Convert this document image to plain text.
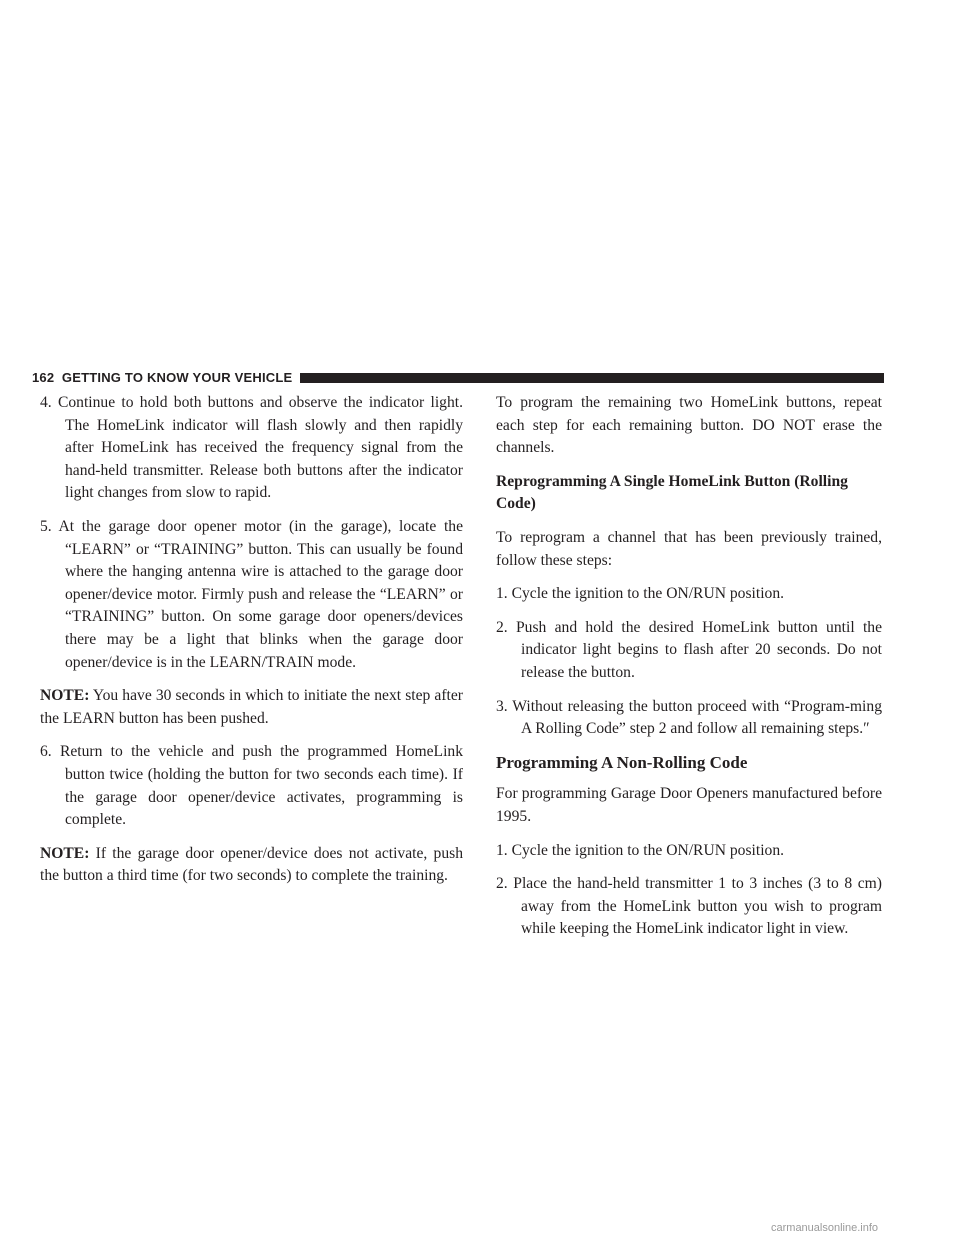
162 GETTING TO KNOW YOUR VEHICLE

4. Continue to hold both buttons and observe the indicator light. The HomeLink indicator will flash slowly and then rapidly after HomeLink has received the frequency signal from the hand-held transmitter. Release both buttons after the indicator light changes from slow to rapid.

5. At the garage door opener motor (in the garage), locate the “LEARN” or “TRAINING” button. This can usually be found where the hanging antenna wire is attached to the garage door opener/device motor. Firmly push and release the “LEARN” or “TRAINING” button. On some garage door openers/devices there may be a light that blinks when the garage door opener/device is in the LEARN/TRAIN mode.

NOTE: You have 30 seconds in which to initiate the next step after the LEARN button has been pushed.

6. Return to the vehicle and push the programmed HomeLink button twice (holding the button for two seconds each time). If the garage door opener/device activates, programming is complete.

NOTE: If the garage door opener/device does not activate, push the button a third time (for two seconds) to complete the training.

To program the remaining two HomeLink buttons, repeat each step for each remaining button. DO NOT erase the channels.

Reprogramming A Single HomeLink Button (Rolling Code)

To reprogram a channel that has been previously trained, follow these steps:

1. Cycle the ignition to the ON/RUN position.

2. Push and hold the desired HomeLink button until the indicator light begins to flash after 20 seconds. Do not release the button.

3. Without releasing the button proceed with “Program-ming A Rolling Code” step 2 and follow all remaining steps.″

Programming A Non-Rolling Code

For programming Garage Door Openers manufactured before 1995.

1. Cycle the ignition to the ON/RUN position.

2. Place the hand-held transmitter 1 to 3 inches (3 to 8 cm) away from the HomeLink button you wish to program while keeping the HomeLink indicator light in view.

carmanualsonline.info
